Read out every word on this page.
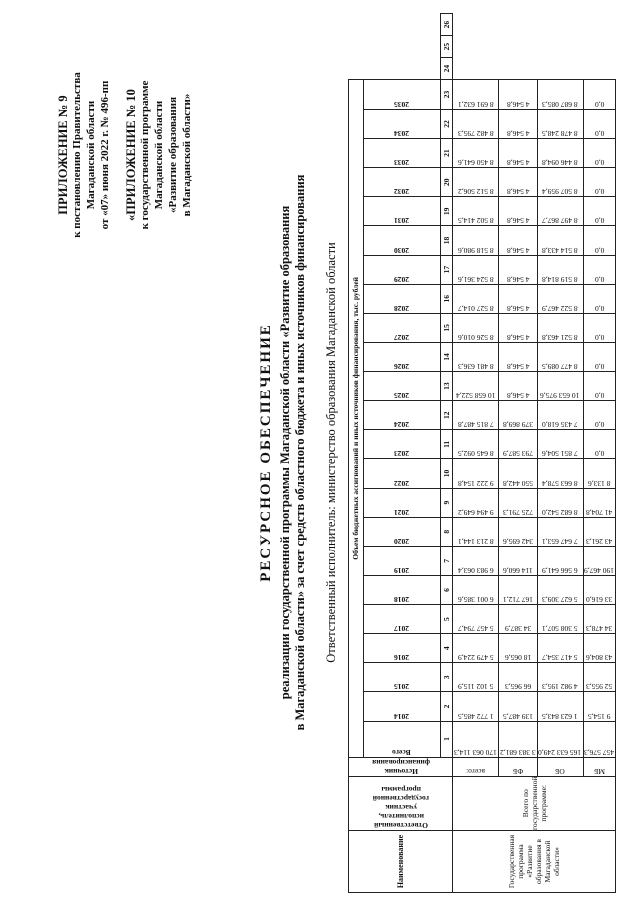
ПРИЛОЖЕНИЕ № 9 к постановлению Правительства Магаданской области от «07» июня 2022 г. № 496-пп «ПРИЛОЖЕНИЕ № 10 к государственной программе Магаданской области «Развитие образования в Магаданской области»
РЕСУРСНОЕ ОБЕСПЕЧЕНИЕ реализации государственной программы Магаданской области «Развитие образования в Магаданской области» за счет средств областного бюджета и иных источников финансирования Ответственный исполнитель: министерство образования Магаданской области
Наименование	Ответственный исполнитель, участник государственной программы	Источник финансирования	Объем бюджетных ассигнований и иных источников финансирования, тыс. рублей																									

			Всего	2014	2015	2016	2017	2018	2019	2020	2021	2022	2023	2024	2025	2026	2027	2028	2029	2030	2031	2032	2033	2034	2035			

			1	2	3	4	5	6	7	8	9	10	11	12	13	14	15	16	17	18	19	20	21	22	23	24	25	26
Государственная программа «Развитие образования в Магаданской области»	Всего по государственной программе:	всего:	170 063 114,3	1 772 485,5	5 102 115,9	5 479 224,9	5 457 794,7	6 001 385,6	6 983 063,4	8 213 144,1	9 494 649,2	9 222 154,8	8 645 092,5	7 815 487,8	10 658 522,4	8 481 636,3	8 526 010,6	8 527 014,7	8 524 361,6	8 518 980,6	8 502 414,5	8 512 506,2	8 450 641,6	8 482 795,3	8 691 632,1			

		ФБ	3 383 681,2	139 487,5	66 965,3	18 065,6	34 387,9	167 712,1	114 660,6	342 695,6	725 791,3	550 442,8	793 587,9	379 869,8	4 546,8	4 546,8	4 546,8	4 546,8	4 546,8	4 546,8	4 546,8	4 546,8	4 546,8	4 546,8	4 546,8			

		ОБ	165 633 249,0	1 623 843,5	4 982 195,3	5 417 354,7	5 308 507,1	5 627 309,3	6 566 641,9	7 647 653,1	8 682 542,0	8 663 578,4	7 851 504,6	7 435 618,0	10 653 975,6	8 477 089,5	8 521 463,8	8 522 467,9	8 519 814,8	8 514 433,8	8 497 867,7	8 507 959,4	8 446 094,8	8 478 248,5	8 687 085,3			

		МБ	457 576,3	9 154,5	52 955,3	43 804,6	34 478,3	33 616,0	190 467,9	43 261,3	41 704,8	8 133,6	0,0	0,0	0,0	0,0	0,0	0,0	0,0	0,0	0,0	0,0	0,0	0,0	0,0			
